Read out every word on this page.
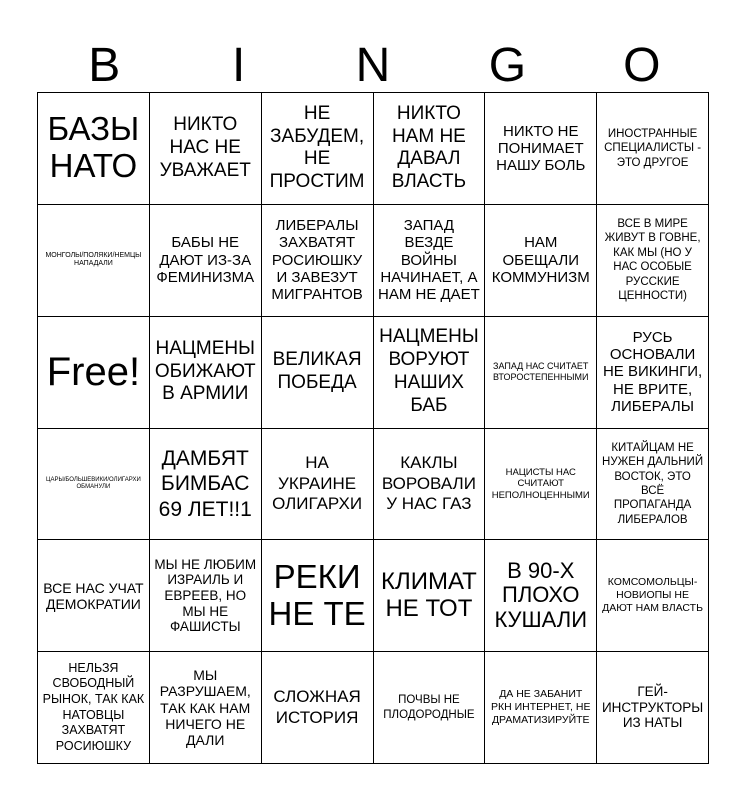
B	I	N	G	O
БАЗЫ НАТО
НИКТО НАС НЕ УВАЖАЕТ
НЕ ЗАБУДЕМ, НЕ ПРОСТИМ
НИКТО НАМ НЕ ДАВАЛ ВЛАСТЬ
НИКТО НЕ ПОНИМАЕТ НАШУ БОЛЬ
ИНОСТРАННЫЕ СПЕЦИАЛИСТЫ - ЭТО ДРУГОЕ
МОНГОЛЫ/ПОЛЯКИ/НЕМЦЫ НАПАДАЛИ
БАБЫ НЕ ДАЮТ ИЗ-ЗА ФЕМИНИЗМА
ЛИБЕРАЛЫ ЗАХВАТЯТ РОСИЮШКУ И ЗАВЕЗУТ МИГРАНТОВ
ЗАПАД ВЕЗДЕ ВОЙНЫ НАЧИНАЕТ, А НАМ НЕ ДАЕТ
НАМ ОБЕЩАЛИ КОММУНИЗМ
ВСЕ В МИРЕ ЖИВУТ В ГОВНЕ, КАК МЫ (НО У НАС ОСОБЫЕ РУССКИЕ ЦЕННОСТИ)
Free!
НАЦМЕНЫ ОБИЖАЮТ В АРМИИ
ВЕЛИКАЯ ПОБЕДА
НАЦМЕНЫ ВОРУЮТ НАШИХ БАБ
ЗАПАД НАС СЧИТАЕТ ВТОРОСТЕПЕННЫМИ
РУСЬ ОСНОВАЛИ НЕ ВИКИНГИ, НЕ ВРИТЕ, ЛИБЕРАЛЫ
ЦАРЫ/БОЛЬШЕВИКИ/ОЛИГАРХИ ОБМАНУЛИ
ДАМБЯТ БИМБАС 69 ЛЕТ!!1
НА УКРАИНЕ ОЛИГАРХИ
КАКЛЫ ВОРОВАЛИ У НАС ГАЗ
НАЦИСТЫ НАС СЧИТАЮТ НЕПОЛНОЦЕННЫМИ
КИТАЙЦАМ НЕ НУЖЕН ДАЛЬНИЙ ВОСТОК, ЭТО ВСЁ ПРОПАГАНДА ЛИБЕРАЛОВ
ВСЕ НАС УЧАТ ДЕМОКРАТИИ
МЫ НЕ ЛЮБИМ ИЗРАИЛЬ И ЕВРЕЕВ, НО МЫ НЕ ФАШИСТЫ
РЕКИ НЕ ТЕ
КЛИМАТ НЕ ТОТ
В 90-Х ПЛОХО КУШАЛИ
КОМСОМОЛЬЦЫ-НОВИОПЫ НЕ ДАЮТ НАМ ВЛАСТЬ
НЕЛЬЗЯ СВОБОДНЫЙ РЫНОК, ТАК КАК НАТОВЦЫ ЗАХВАТЯТ РОСИЮШКУ
МЫ РАЗРУШАЕМ, ТАК КАК НАМ НИЧЕГО НЕ ДАЛИ
СЛОЖНАЯ ИСТОРИЯ
ПОЧВЫ НЕ ПЛОДОРОДНЫЕ
ДА НЕ ЗАБАНИТ РКН ИНТЕРНЕТ, НЕ ДРАМАТИЗИРУЙТЕ
ГЕЙ-ИНСТРУКТОРЫ ИЗ НАТЫ
